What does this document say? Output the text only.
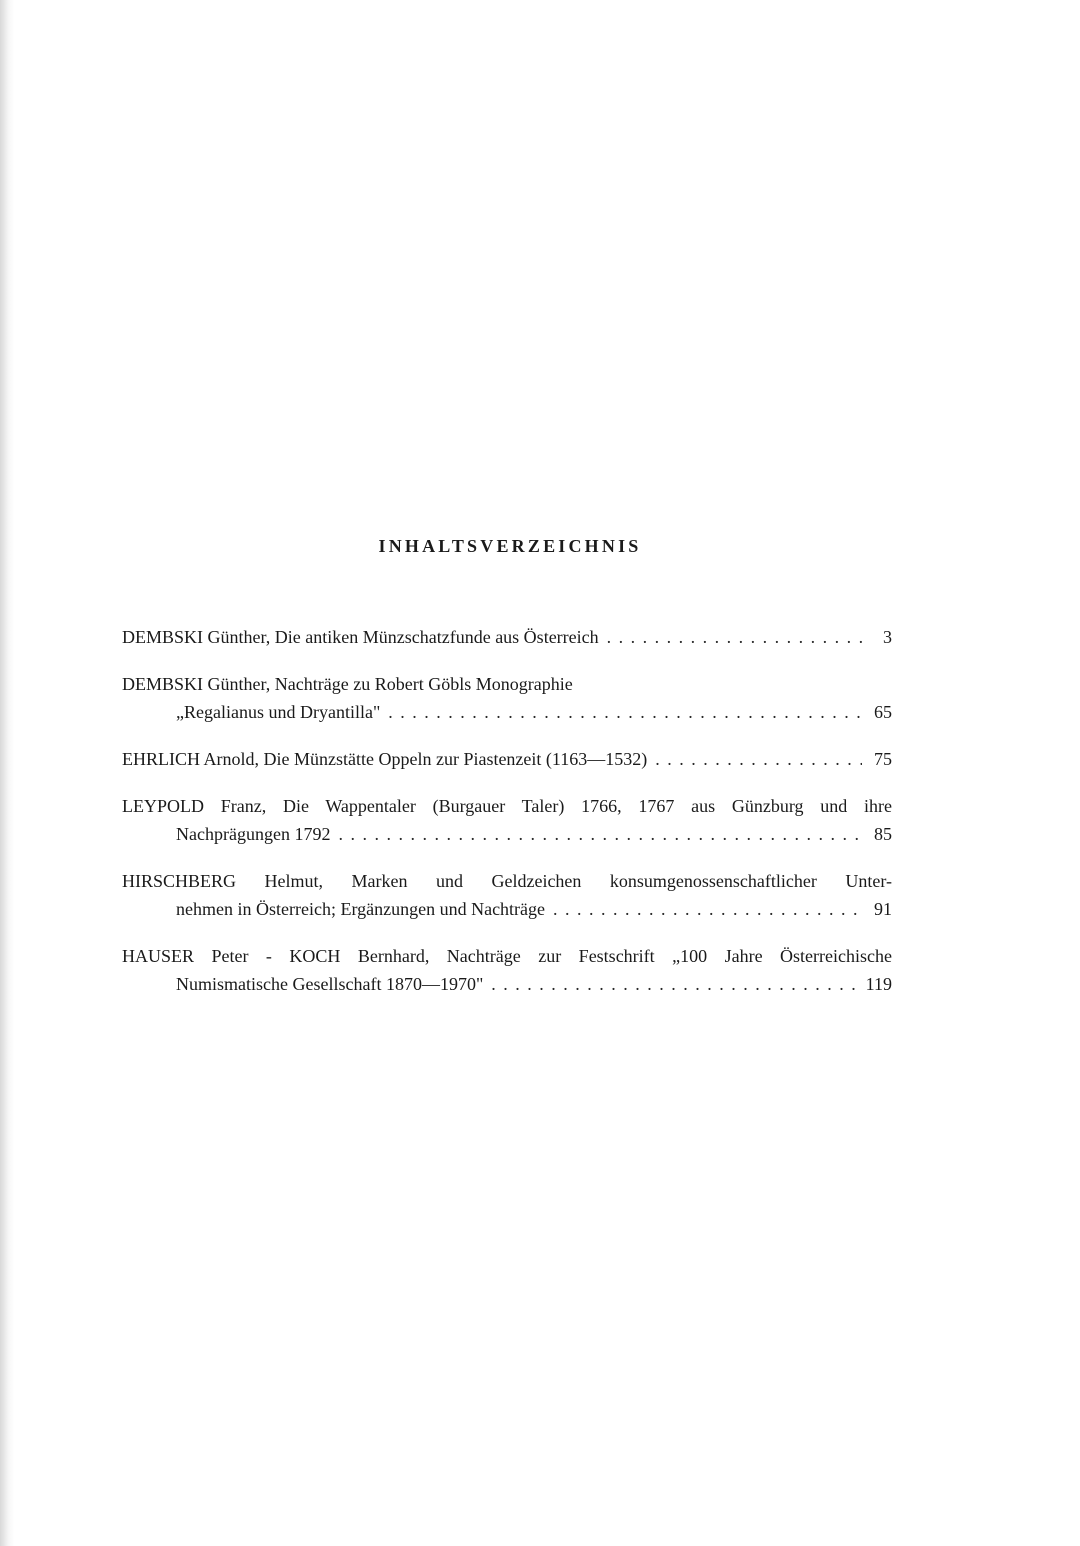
INHALTSVERZEICHNIS
DEMBSKI Günther, Die antiken Münzschatzfunde aus Österreich . . .	3
DEMBSKI Günther, Nachträge zu Robert Göbls Monographie
„Regalianus und Dryantilla" . . .	65
EHRLICH Arnold, Die Münzstätte Oppeln zur Piastenzeit (1163—1532) . . .	75
LEYPOLD Franz, Die Wappentaler (Burgauer Taler) 1766, 1767 aus Günzburg und ihre
Nachprägungen 1792 . . .	85
HIRSCHBERG Helmut, Marken und Geldzeichen konsumgenossenschaftlicher Unter-
nehmen in Österreich; Ergänzungen und Nachträge . . .	91
HAUSER Peter - KOCH Bernhard, Nachträge zur Festschrift „100 Jahre Österreichische
Numismatische Gesellschaft 1870—1970" . . .	119
